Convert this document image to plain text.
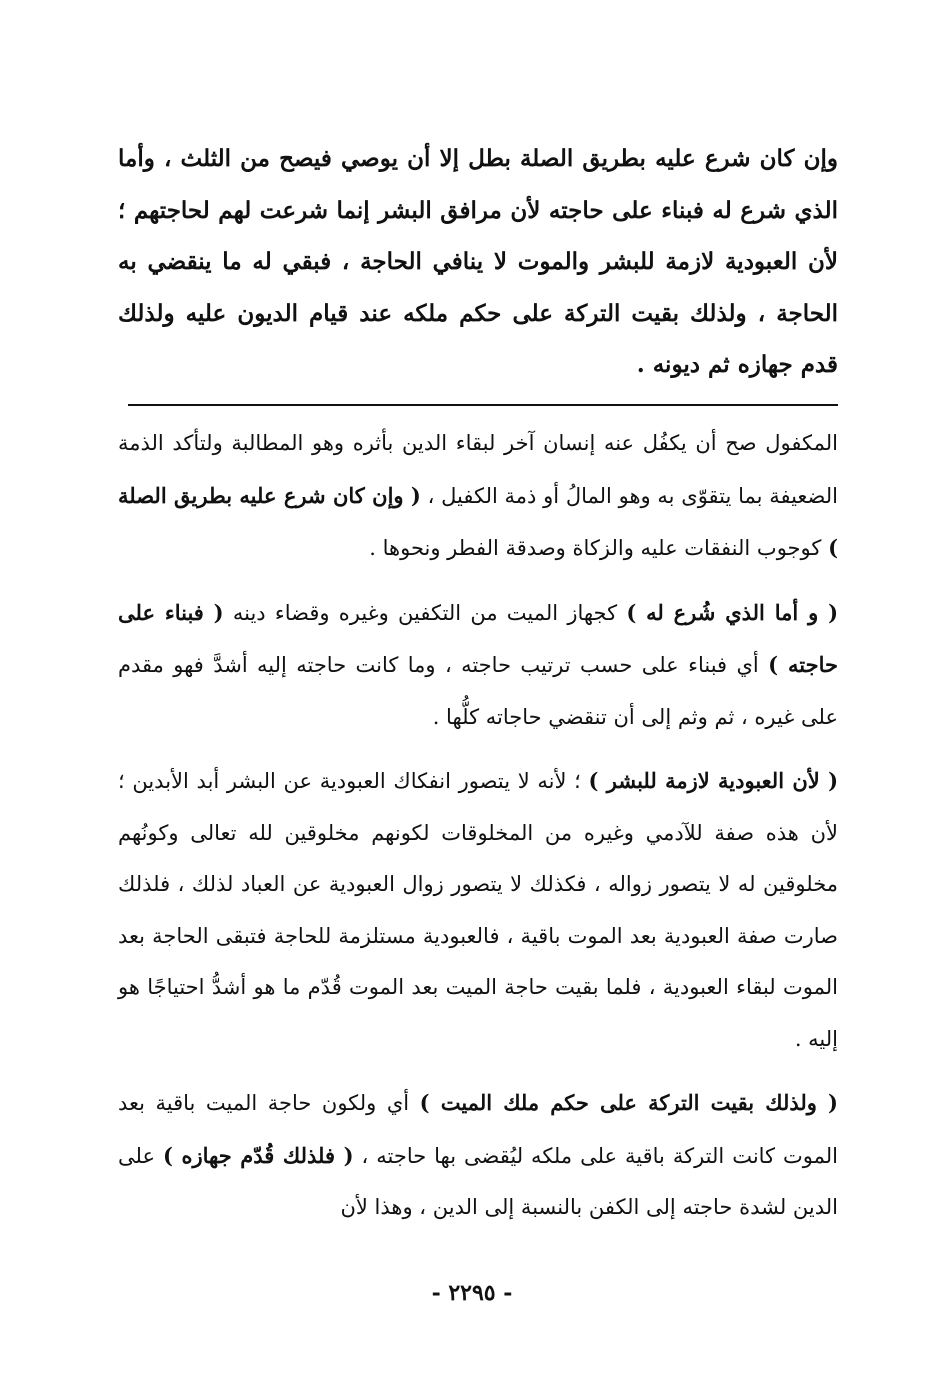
وإن كان شرع عليه بطريق الصلة بطل إلا أن يوصي فيصح من الثلث ، وأما الذي شرع له فبناء على حاجته لأن مرافق البشر إنما شرعت لهم لحاجتهم ؛ لأن العبودية لازمة للبشر والموت لا ينافي الحاجة ، فبقي له ما ينقضي به الحاجة ، ولذلك بقيت التركة على حكم ملكه عند قيام الديون عليه ولذلك قدم جهازه ثم ديونه .

المكفول صح أن يكفُل عنه إنسان آخر لبقاء الدين بأثره وهو المطالبة ولتأكد الذمة الضعيفة بما يتقوّى به وهو المالُ أو ذمة الكفيل ، ( وإن كان شرع عليه بطريق الصلة ) كوجوب النفقات عليه والزكاة وصدقة الفطر ونحوها .

( و أما الذي شُرع له ) كجهاز الميت من التكفين وغيره وقضاء دينه ( فبناء على حاجته ) أي فبناء على حسب ترتيب حاجته ، وما كانت حاجته إليه أشدَّ فهو مقدم على غيره ، ثم وثم إلى أن تنقضي حاجاته كلُّها .

( لأن العبودية لازمة للبشر ) ؛ لأنه لا يتصور انفكاك العبودية عن البشر أبد الأبدين ؛ لأن هذه صفة للآدمي وغيره من المخلوقات لكونهم مخلوقين لله تعالى وكونُهم مخلوقين له لا يتصور زواله ، فكذلك لا يتصور زوال العبودية عن العباد لذلك ، فلذلك صارت صفة العبودية بعد الموت باقية ، فالعبودية مستلزمة للحاجة فتبقى الحاجة بعد الموت لبقاء العبودية ، فلما بقيت حاجة الميت بعد الموت قُدّم ما هو أشدُّ احتياجًا هو إليه .

( ولذلك بقيت التركة على حكم ملك الميت ) أي ولكون حاجة الميت باقية بعد الموت كانت التركة باقية على ملكه ليُقضى بها حاجته ، ( فلذلك قُدّم جهازه ) على الدين لشدة حاجته إلى الكفن بالنسبة إلى الدين ، وهذا لأن

- ٢٢٩٥ -
